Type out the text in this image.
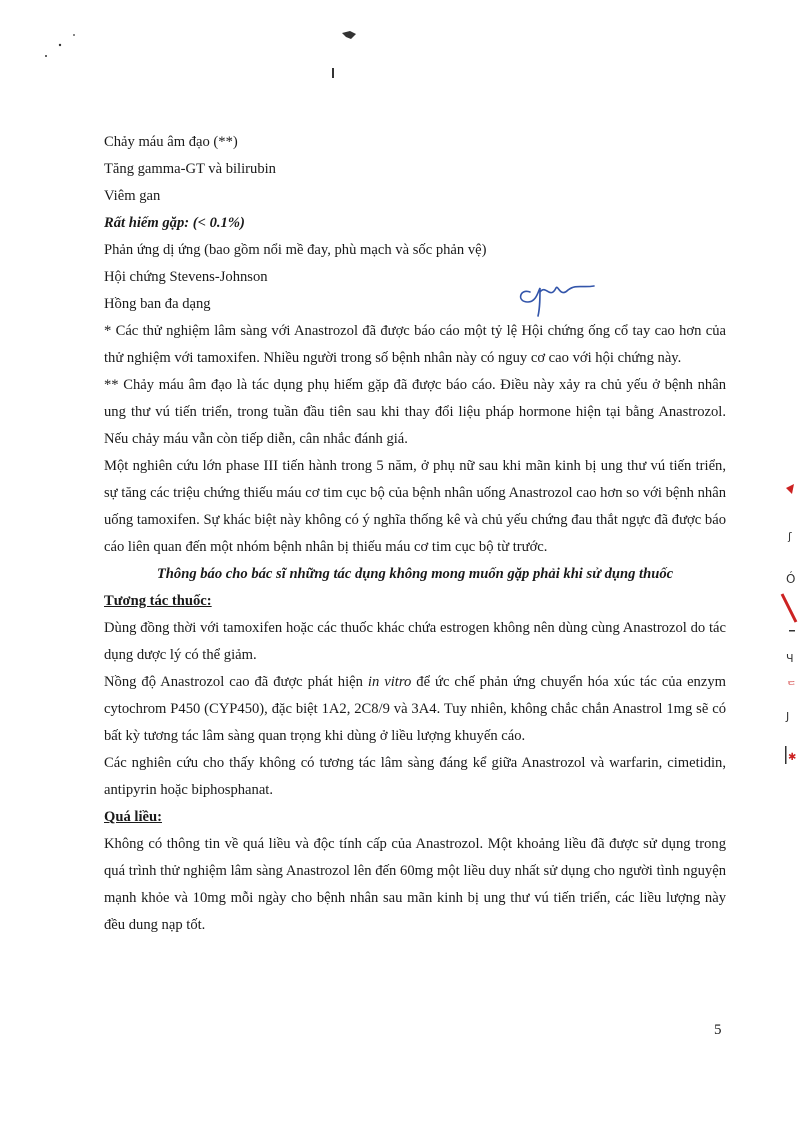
ʃ
Ó
Ч
ᄃ
J
✱
Chảy máu âm đạo (**)
Tăng gamma-GT và bilirubin
Viêm gan
Rất hiếm gặp: (< 0.1%)
Phản ứng dị ứng (bao gồm nổi mề đay, phù mạch và sốc phản vệ)
Hội chứng Stevens-Johnson
Hồng ban đa dạng
* Các thử nghiệm lâm sàng với Anastrozol đã được báo cáo một tỷ lệ Hội chứng ống cổ tay cao hơn của thử nghiệm với tamoxifen. Nhiều người trong số bệnh nhân này có nguy cơ cao với hội chứng này.
** Chảy máu âm đạo là tác dụng phụ hiếm gặp đã được báo cáo. Điều này xảy ra chủ yếu ở bệnh nhân ung thư vú tiến triển, trong tuần đầu tiên sau khi thay đổi liệu pháp hormone hiện tại bằng Anastrozol. Nếu chảy máu vẫn còn tiếp diễn, cân nhắc đánh giá.
Một nghiên cứu lớn phase III tiến hành trong 5 năm, ở phụ nữ sau khi mãn kinh bị ung thư vú tiến triển, sự tăng các triệu chứng thiếu máu cơ tim cục bộ của bệnh nhân uống Anastrozol cao hơn so với bệnh nhân uống tamoxifen. Sự khác biệt này không có ý nghĩa thống kê và chủ yếu chứng đau thắt ngực đã được báo cáo liên quan đến một nhóm bệnh nhân bị thiếu máu cơ tim cục bộ từ trước.
Thông báo cho bác sĩ những tác dụng không mong muốn gặp phải khi sử dụng thuốc
Tương tác thuốc:
Dùng đồng thời với tamoxifen hoặc các thuốc khác chứa estrogen không nên dùng cùng Anastrozol do tác dụng dược lý có thể giảm.
Nồng độ Anastrozol cao đã được phát hiện in vitro để ức chế phản ứng chuyển hóa xúc tác của enzym cytochrom P450 (CYP450), đặc biệt 1A2, 2C8/9 và 3A4. Tuy nhiên, không chắc chắn Anastrol 1mg sẽ có bất kỳ tương tác lâm sàng quan trọng khi dùng ở liều lượng khuyến cáo.
Các nghiên cứu cho thấy không có tương tác lâm sàng đáng kể giữa Anastrozol và warfarin, cimetidin, antipyrin hoặc biphosphanat.
Quá liều:
Không có thông tin về quá liều và độc tính cấp của Anastrozol. Một khoảng liều đã được sử dụng trong quá trình thử nghiệm lâm sàng Anastrozol lên đến 60mg một liều duy nhất sử dụng cho người tình nguyện mạnh khỏe và 10mg mỗi ngày cho bệnh nhân sau mãn kinh bị ung thư vú tiến triển, các liều lượng này đều dung nạp tốt.
5
